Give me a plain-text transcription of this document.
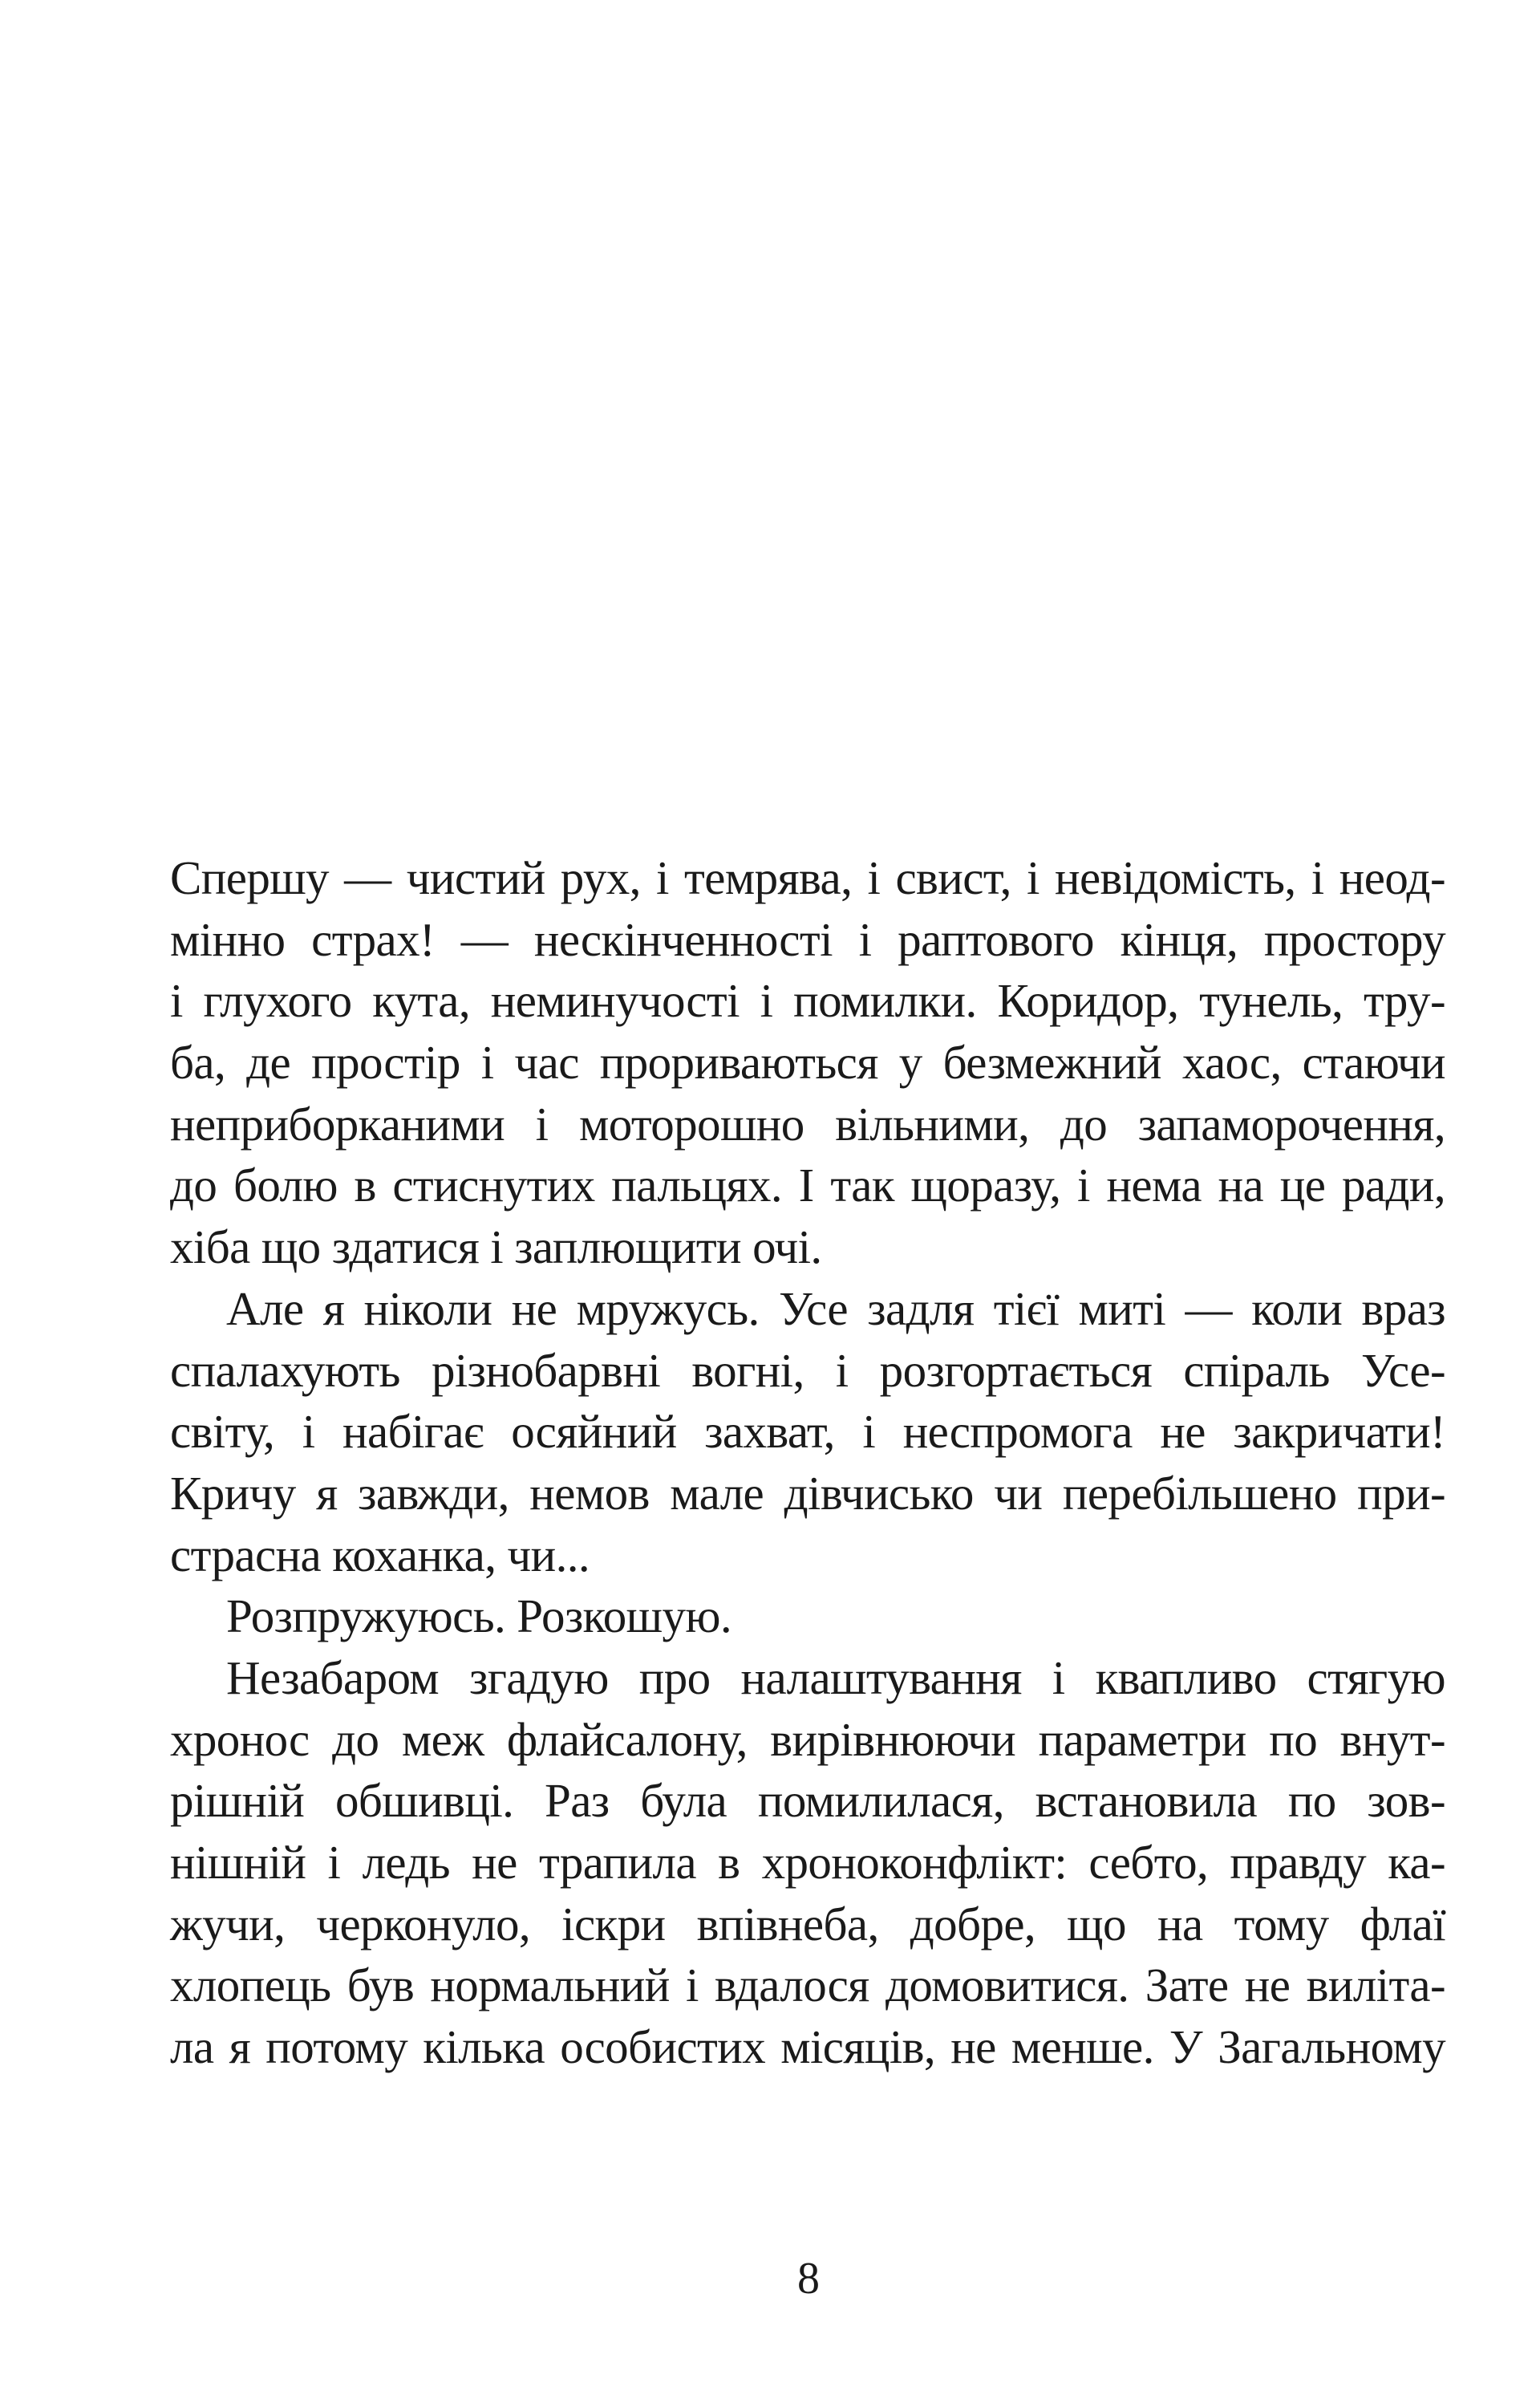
Спершу — чистий рух, і темрява, і свист, і невідомість, і неод-
мінно страх! — нескінченності і раптового кінця, простору
і глухого кута, неминучості і помилки. Коридор, тунель, тру-
ба, де простір і час прориваються у безмежний хаос, стаючи
неприборканими і моторошно вільними, до запаморочення,
до болю в стиснутих пальцях. І так щоразу, і нема на це ради,
хіба що здатися і заплющити очі.
Але я ніколи не мружусь. Усе задля тієї миті — коли враз
спалахують різнобарвні вогні, і розгортається спіраль Усе-
світу, і набігає осяйний захват, і неспромога не закричати!
Кричу я завжди, немов мале дівчисько чи перебільшено при-
страсна коханка, чи...
Розпружуюсь. Розкошую.
Незабаром згадую про налаштування і квапливо стягую
хронос до меж флайсалону, вирівнюючи параметри по внут-
рішній обшивці. Раз була помилилася, встановила по зов-
нішній і ледь не трапила в хроноконфлікт: себто, правду ка-
жучи, черконуло, іскри впівнеба, добре, що на тому флаї
хлопець був нормальний і вдалося домовитися. Зате не виліта-
ла я потому кілька особистих місяців, не менше. У Загальному
8
